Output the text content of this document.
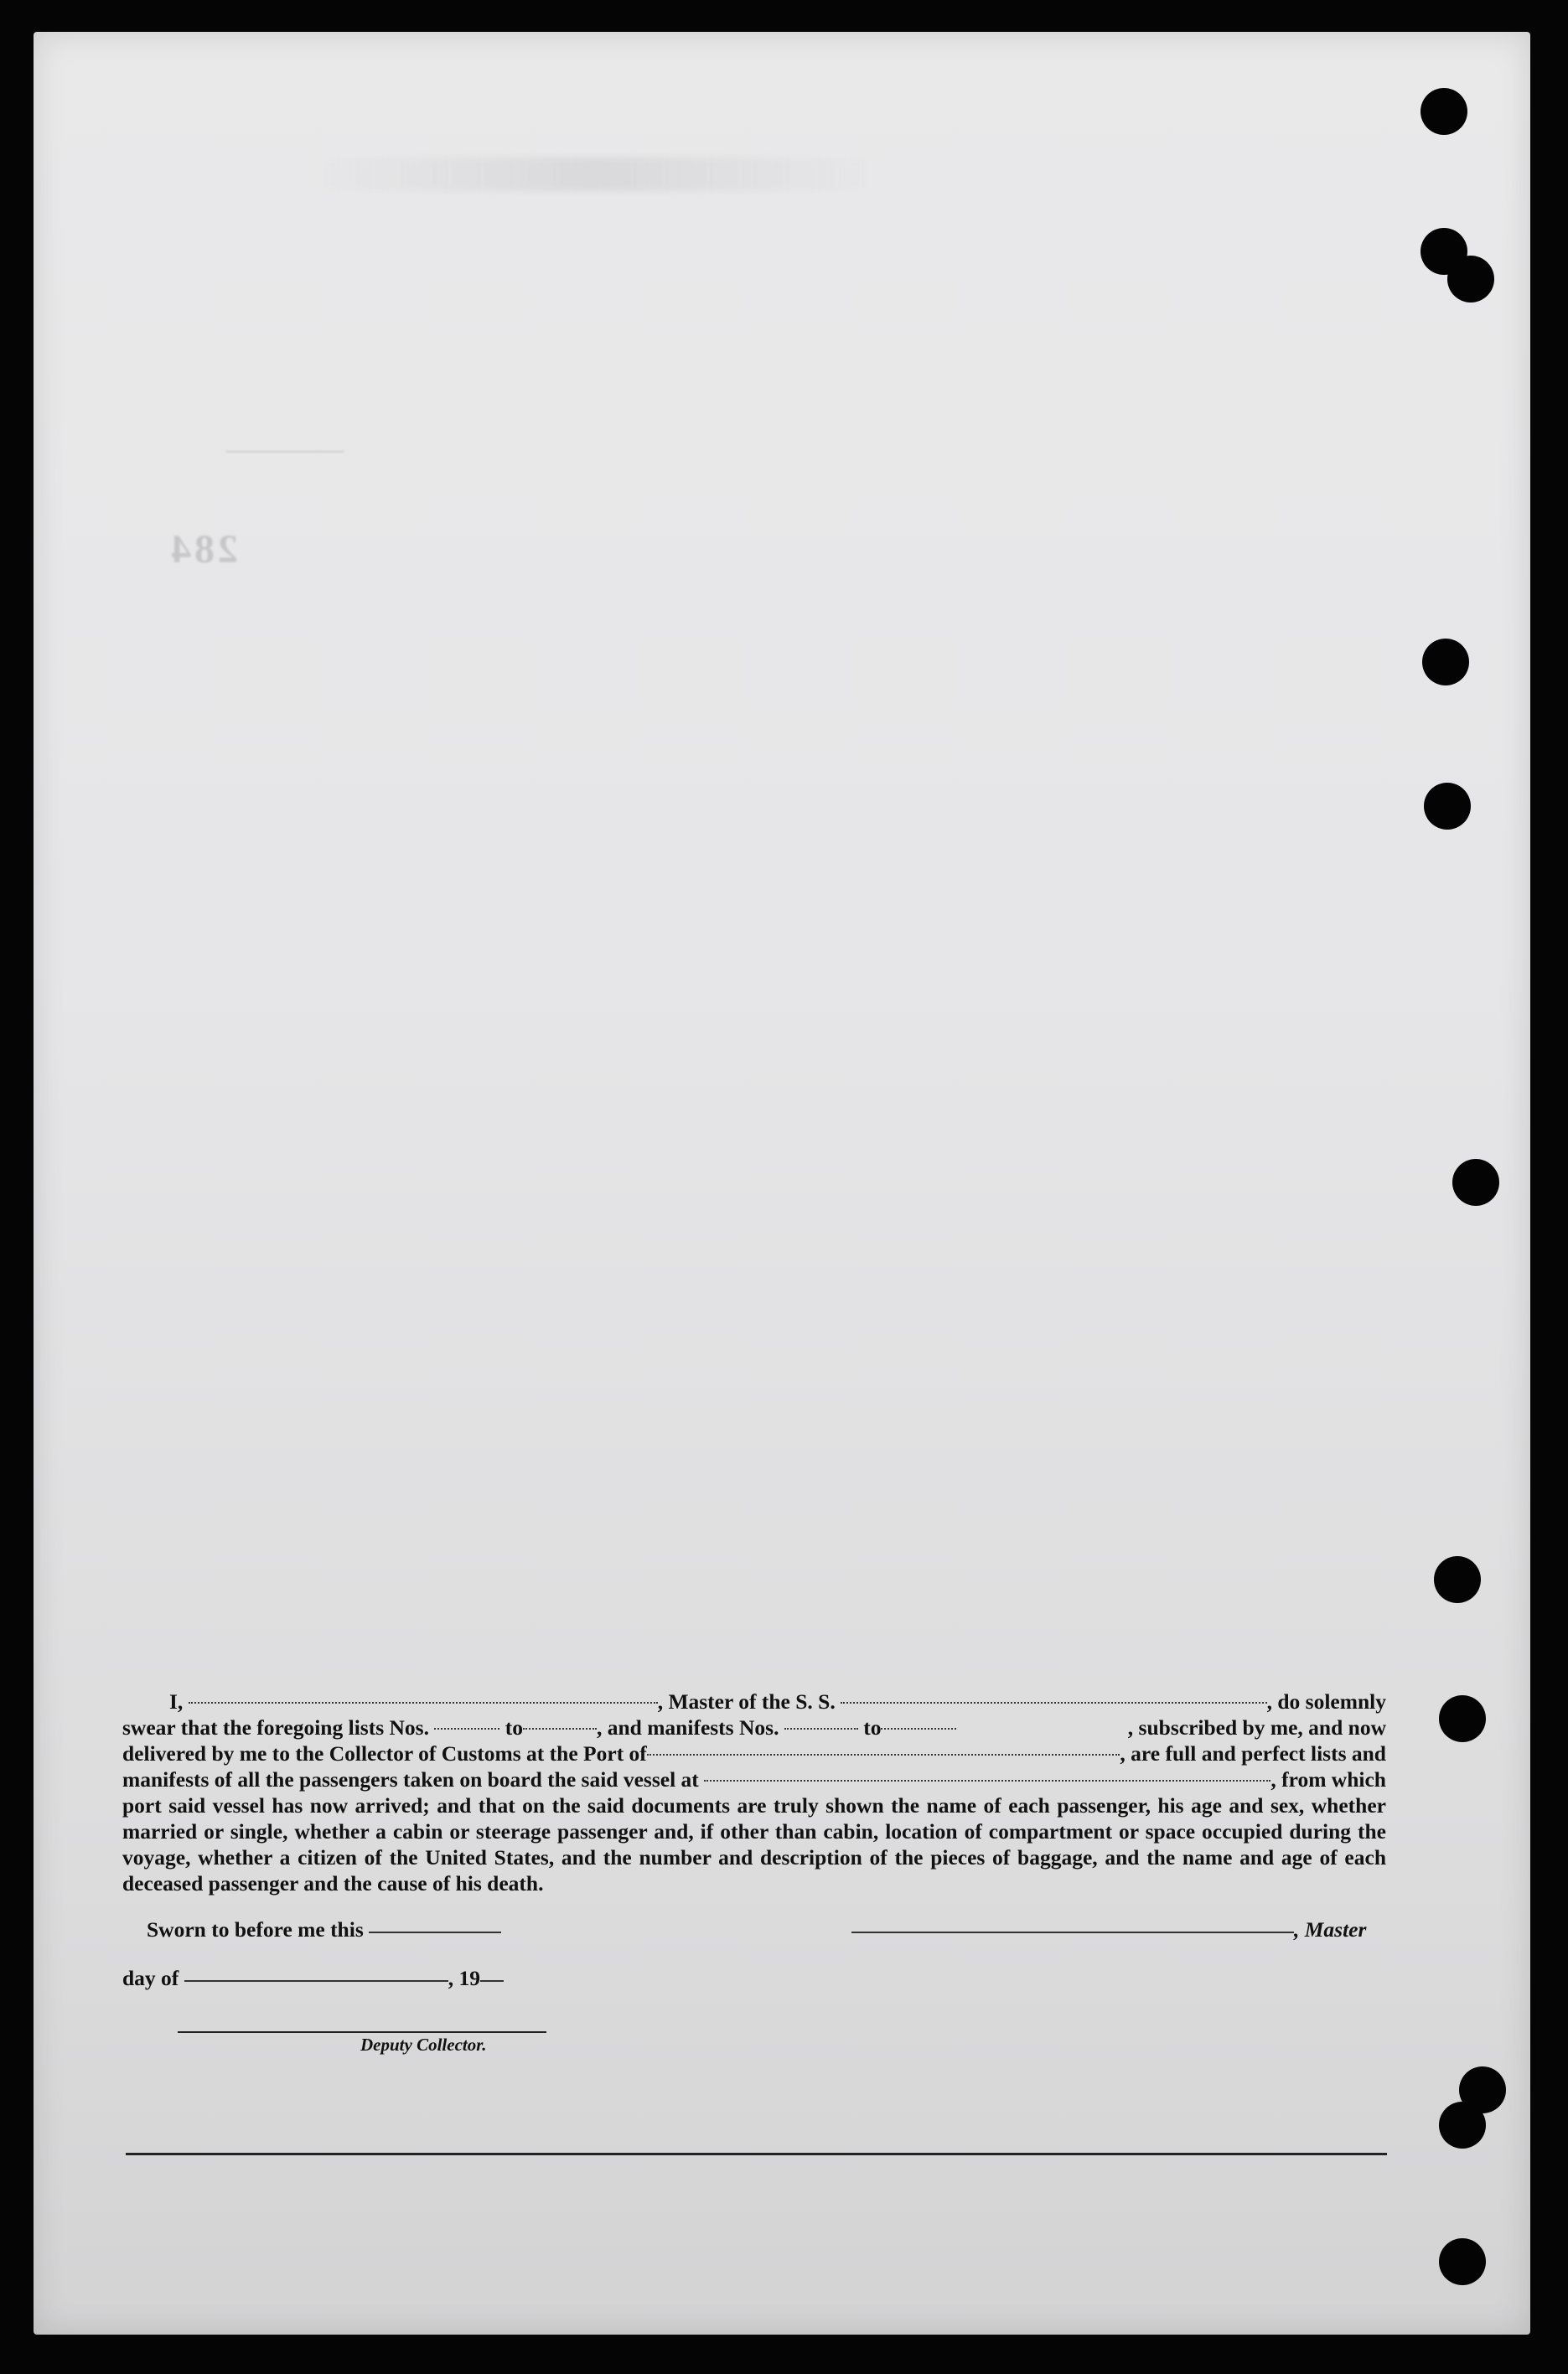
284
I,	, Master of the S. S.	, do solemnly
swear that the foregoing lists Nos.	to	, and manifests Nos.	to	, subscribed by me, and now
delivered by me to the Collector of Customs at the Port of	, are full and perfect lists and
manifests of all the passengers taken on board the said vessel at	, from which
port said vessel has now arrived; and that on the said documents are truly shown the name of each passenger, his age and sex, whether married or single, whether a cabin or steerage passenger and, if other than cabin, location of compartment or space occupied during the voyage, whether a citizen of the United States, and the number and description of the pieces of baggage, and the name and age of each deceased passenger and the cause of his death.
Sworn to before me this	, Master
day of	, 19
Deputy Collector.
